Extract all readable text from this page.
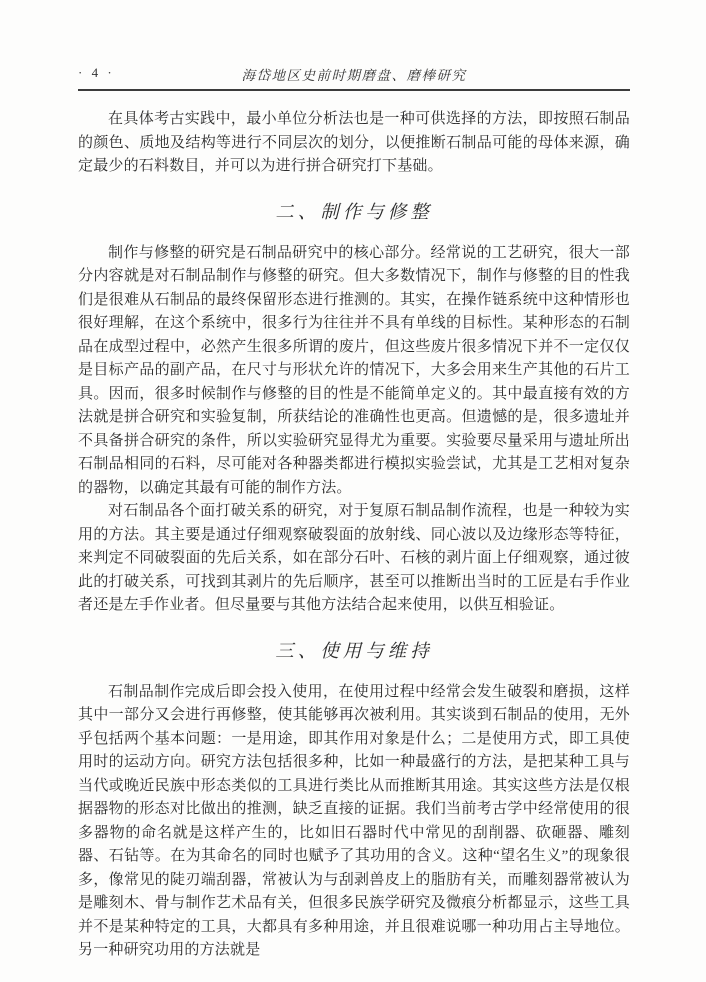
· 4 ·	海岱地区史前时期磨盘、磨棒研究

在具体考古实践中，最小单位分析法也是一种可供选择的方法，即按照石制品的颜色、质地及结构等进行不同层次的划分，以便推断石制品可能的母体来源，确定最少的石料数目，并可以为进行拼合研究打下基础。

二、制作与修整

制作与修整的研究是石制品研究中的核心部分。经常说的工艺研究，很大一部分内容就是对石制品制作与修整的研究。但大多数情况下，制作与修整的目的性我们是很难从石制品的最终保留形态进行推测的。其实，在操作链系统中这种情形也很好理解，在这个系统中，很多行为往往并不具有单线的目标性。某种形态的石制品在成型过程中，必然产生很多所谓的废片，但这些废片很多情况下并不一定仅仅是目标产品的副产品，在尺寸与形状允许的情况下，大多会用来生产其他的石片工具。因而，很多时候制作与修整的目的性是不能简单定义的。其中最直接有效的方法就是拼合研究和实验复制，所获结论的准确性也更高。但遗憾的是，很多遗址并不具备拼合研究的条件，所以实验研究显得尤为重要。实验要尽量采用与遗址所出石制品相同的石料，尽可能对各种器类都进行模拟实验尝试，尤其是工艺相对复杂的器物，以确定其最有可能的制作方法。

对石制品各个面打破关系的研究，对于复原石制品制作流程，也是一种较为实用的方法。其主要是通过仔细观察破裂面的放射线、同心波以及边缘形态等特征，来判定不同破裂面的先后关系，如在部分石叶、石核的剥片面上仔细观察，通过彼此的打破关系，可找到其剥片的先后顺序，甚至可以推断出当时的工匠是右手作业者还是左手作业者。但尽量要与其他方法结合起来使用，以供互相验证。

三、使用与维持

石制品制作完成后即会投入使用，在使用过程中经常会发生破裂和磨损，这样其中一部分又会进行再修整，使其能够再次被利用。其实谈到石制品的使用，无外乎包括两个基本问题：一是用途，即其作用对象是什么；二是使用方式，即工具使用时的运动方向。研究方法包括很多种，比如一种最盛行的方法，是把某种工具与当代或晚近民族中形态类似的工具进行类比从而推断其用途。其实这些方法是仅根据器物的形态对比做出的推测，缺乏直接的证据。我们当前考古学中经常使用的很多器物的命名就是这样产生的，比如旧石器时代中常见的刮削器、砍砸器、雕刻器、石钻等。在为其命名的同时也赋予了其功用的含义。这种“望名生义”的现象很多，像常见的陡刃端刮器，常被认为与刮剥兽皮上的脂肪有关，而雕刻器常被认为是雕刻木、骨与制作艺术品有关，但很多民族学研究及微痕分析都显示，这些工具并不是某种特定的工具，大都具有多种用途，并且很难说哪一种功用占主导地位。另一种研究功用的方法就是
